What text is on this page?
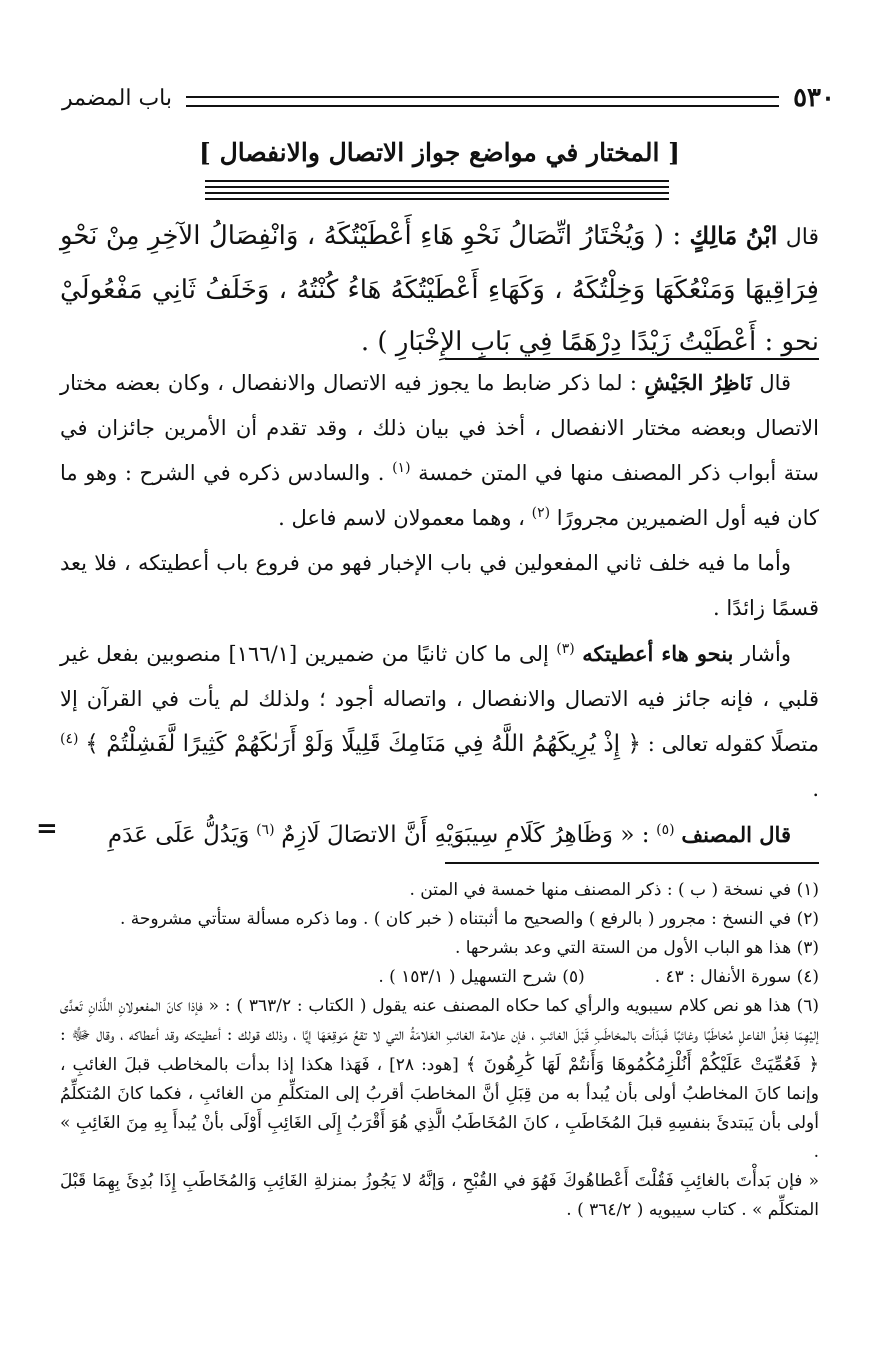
٥٣٠
باب المضمر
[ المختار في مواضع جواز الاتصال والانفصال ]
قال ابْنُ مَالِكٍ : ( وَيُخْتَارُ اتِّصَالُ نَحْوِ هَاءِ أَعْطَيْتُكَهُ ، وَانْفِصَالُ الآخِرِ مِنْ نَحْوِ فِرَاقِيهَا وَمَنْعُكَهَا وَخِلْتُكَهُ ، وَكَهَاءِ أَعْطَيْتُكَهُ هَاءُ كُنْتُهُ ، وَخَلَفُ ثَانِي مَفْعُولَيْ نحو : أَعْطَيْتُ زَيْدًا دِرْهَمًا فِي بَابِ الإِخْبَارِ ) .

قال نَاظِرُ الجَيْشِ : لما ذكر ضابط ما يجوز فيه الاتصال والانفصال ، وكان بعضه مختار الاتصال وبعضه مختار الانفصال ، أخذ في بيان ذلك ، وقد تقدم أن الأمرين جائزان في ستة أبواب ذكر المصنف منها في المتن خمسة $^{(١)}$ . والسادس ذكره في الشرح : وهو ما كان فيه أول الضميرين مجرورًا $^{(٢)}$ ، وهما معمولان لاسم فاعل .

وأما ما فيه خلف ثاني المفعولين في باب الإخبار فهو من فروع باب أعطيتكه ، فلا يعد قسمًا زائدًا .

وأشار بنحو هاء أعطيتكه $^{(٣)}$ إلى ما كان ثانيًا من ضميرين [١٦٦/١] منصوبين بفعل غير قلبي ، فإنه جائز فيه الاتصال والانفصال ، واتصاله أجود ؛ ولذلك لم يأت في القرآن إلا متصلًا كقوله تعالى : ﴿ إِذْ يُرِيكَهُمُ اللَّهُ فِي مَنَامِكَ قَلِيلًا وَلَوْ أَرَىٰكَهُمْ كَثِيرًا لَّفَشِلْتُمْ ﴾ $^{(٤)}$ .

قال المصنف $^{(٥)}$ : « وَظَاهِرُ كَلَامِ سِيبَوَيْهِ أَنَّ الاتصَالَ لَازِمٌ $^{(٦)}$ وَيَدُلُّ عَلَى عَدَمِ

=

(١) في نسخة ( ب ) : ذكر المصنف منها خمسة في المتن .

(٢) في النسخ : مجرور ( بالرفع ) والصحيح ما أثبتناه ( خبر كان ) . وما ذكره مسألة ستأتي مشروحة .

(٣) هذا هو الباب الأول من الستة التي وعد بشرحها .

(٤) سورة الأنفال : ٤٣ .
(٥) شرح التسهيل ( ١٥٣/١ ) .

(٦) هذا هو نص كلام سيبويه والرأي كما حكاه المصنف عنه يقول ( الكتاب : ٣٦٣/٢ ) : « فإذا كانَ المفعولانِ اللَّذانِ تَعدَّى إليْهِمَا فِعْلُ الفاعلِ مُخاطَبًا وغائبًا فَبدَأت بالمخاطَبِ قَبْلَ الغائبِ ، فإن علامة الغائبِ العَلامَةُ التي لا تقعُ مَوقِعَهَا إيَّا ، وذلك قولك : أعطيتكه وقد أعطاكه ، وقال ﷻ : ﴿ فَعُمِّيَتْ عَلَيْكُمْ أَنُلْزِمُكُمُوهَا وَأَنتُمْ لَهَا كَٰرِهُونَ ﴾ [هود: ٢٨] ، فَهَذا هكذا إذا بدأت بالمخاطب قبلَ الغائبِ ، وإنما كانَ المخاطبُ أولى بأن يُبدأ به من قِبَلِ أنَّ المخاطبَ أقربُ إلى المتكلِّمِ من الغائبِ ، فكما كانَ المُتكلِّمُ أولى بأن يَبتدئَ بنفسِهِ قبلَ المُخَاطَبِ ، كانَ المُخَاطَبُ الَّذِي هُوَ أَقْرَبُ إِلَى الغَائِبِ أَوْلَى بأنْ يُبدأَ بِهِ مِنَ الغَائِبِ » .

« فإن بَدأْتَ بالغائِبِ فَقُلْتَ أَعْطاهُوكَ فَهُوَ في القُبْحِ ، وَإنَّهُ لا يَجُوزُ بمنزلةِ الغَائِبِ وَالمُخَاطَبِ إِذَا بُدِئَ بِهِمَا قَبْلَ المتكلِّم » . كتاب سيبويه ( ٣٦٤/٢ ) .
